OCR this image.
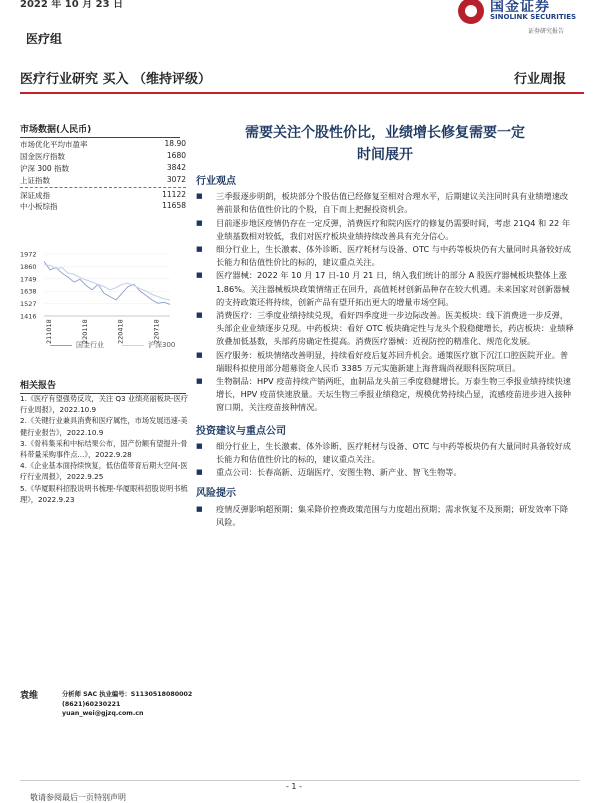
2022 年 10 月 23 日
医疗组
国金证券
SINOLINK SECURITIES
证券研究报告
医疗行业研究 买入 （维持评级）	行业周报
市场数据(人民币)
市场优化平均市盈率	18.90
国金医疗指数	1680
沪深 300 指数	3842
上证指数	3072
深证成指	11122
中小板综指	11658
1972
1860
1749
1638
1527
1416
211018	220118	220418	220718
国金行业	沪深300
相关报告
1.《医疗有望强势反攻，关注 Q3 业绩亮丽板块-医疗行业周报》，2022.10.9
2.《关键行业兼具消费和医疗属性，市场发展迅速-美健行业报告》，2022.10.9
3.《骨科集采和中标结果公布，国产份额有望提升-骨科带量采购事件点...》，2022.9.28
4.《企业基本面持续恢复，低估值带育后期大空间-医疗行业周报》，2022.9.25
5.《华厦眼科招股说明书梳理-华厦眼科招股说明书梳理》，2022.9.23
袁维	分析师 SAC 执业编号：S1130518080002
(8621)60230221
yuan_wei@gjzq.com.cn
需要关注个股性价比，业绩增长修复需要一定
时间展开
行业观点
■ 三季报逐步明朗，板块部分个股估值已经修复至相对合理水平，后期建议关注同时具有业绩增速改善前景和估值性价比的个股，自下而上把握投资机会。
■ 目前逐步地区疫情仍存在一定反弹，消费医疗和院内医疗的修复仍需要时间，考虑 21Q4 和 22 年业绩基数相对较低，我们对医疗板块业绩持续改善具有充分信心。
■ 细分行业上，生长激素、体外诊断、医疗耗材与设备、OTC 与中药等板块仍有大量同时具备较好成长能力和估值性价比的标的，建议重点关注。
■ 医疗器械：2022 年 10 月 17 日-10 月 21 日，纳入我们统计的部分 A 股医疗器械板块整体上涨 1.86%。关注器械板块政策情绪正在回升，高值耗材创新品种存在较大机遇。未来国家对创新器械的支持政策还将持续，创新产品有望开拓出更大的增量市场空间。
■ 消费医疗：三季度业绩持续兑现，看好四季度进一步边际改善。医美板块：线下消费进一步反弹，头部企业业绩逐步兑现。中药板块：看好 OTC 板块确定性与龙头个股稳健增长，药店板块：业绩释放叠加低基数，头部药房确定性提高。消费医疗器械：近视防控的精准化、规范化发展。
■ 医疗服务：板块情绪改善明显，持续看好疫后复苏回升机会。通策医疗旗下沉江口腔医院开业。普瑞眼科拟使用部分超募资金人民币 3385 万元实施新建上海普瑞尚视眼科医院项目。
■ 生物制品：HPV 疫苗持续产销两旺，血制品龙头前三季度稳健增长。万泰生物三季报业绩持续快速增长，HPV 疫苗快速放量。天坛生物三季报业绩稳定，规模优势持续凸显，流感疫苗进步进入接种窗口期，关注疫苗接种情况。
投资建议与重点公司
■ 细分行业上，生长激素、体外诊断、医疗耗材与设备、OTC 与中药等板块仍有大量同时具备较好成长能力和估值性价比的标的，建议重点关注。
■ 重点公司：长春高新、迈瑞医疗、安图生物、新产业、智飞生物等。
风险提示
■ 疫情反弹影响超预期；集采降价控费政策范围与力度超出预期；需求恢复不及预期；研发效率下降风险。
- 1 -
敬请参阅最后一页特别声明
